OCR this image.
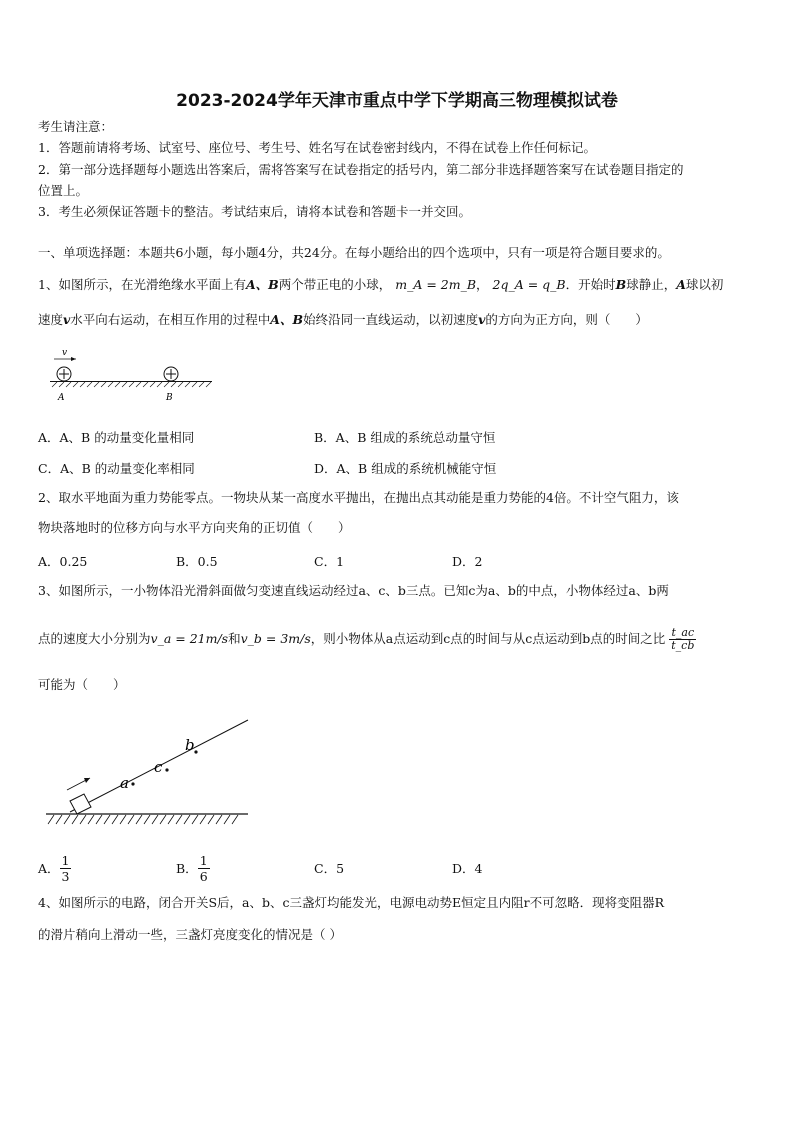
2023-2024学年天津市重点中学下学期高三物理模拟试卷
考生请注意：
1．答题前请将考场、试室号、座位号、考生号、姓名写在试卷密封线内，不得在试卷上作任何标记。
2．第一部分选择题每小题选出答案后，需将答案写在试卷指定的括号内，第二部分非选择题答案写在试卷题目指定的
位置上。
3．考生必须保证答题卡的整洁。考试结束后，请将本试卷和答题卡一并交回。
一、单项选择题：本题共6小题，每小题4分，共24分。在每小题给出的四个选项中，只有一项是符合题目要求的。
1、如图所示，在光滑绝缘水平面上有A、B两个带正电的小球， m_A = 2m_B， 2q_A = q_B．开始时B球静止，A球以初
速度v水平向右运动，在相互作用的过程中A、B始终沿同一直线运动，以初速度v的方向为正方向，则（　　）
v
A	B
A．A、B 的动量变化量相同	B．A、B 组成的系统总动量守恒
C．A、B 的动量变化率相同	D．A、B 组成的系统机械能守恒
2、取水平地面为重力势能零点。一物块从某一高度水平抛出，在抛出点其动能是重力势能的4倍。不计空气阻力，该
物块落地时的位移方向与水平方向夹角的正切值（　　）
A．0.25	B．0.5	C．1	D．2
3、如图所示，一小物体沿光滑斜面做匀变速直线运动经过a、c、b三点。已知c为a、b的中点，小物体经过a、b两
点的速度大小分别为v_a = 21m/s和v_b = 3m/s，则小物体从a点运动到c点的时间与从c点运动到b点的时间之比 $\frac{t\_ac}{t\_cb}$
可能为（　　）
a
c
b
A． $\frac{1}{3}$	B． $\frac{1}{6}$	C．5	D．4
4、如图所示的电路，闭合开关S后，a、b、c三盏灯均能发光，电源电动势E恒定且内阻r不可忽略．现将变阻器R
的滑片稍向上滑动一些，三盏灯亮度变化的情况是（ ）
